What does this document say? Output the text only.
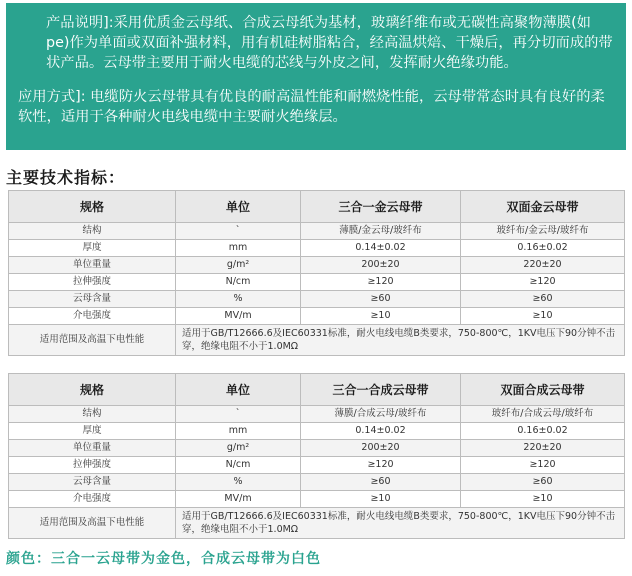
产品说明]:采用优质金云母纸、合成云母纸为基材，玻璃纤维布或无碳性高聚物薄膜(如pe)作为单面或双面补强材料，用有机硅树脂粘合，经高温烘焙、干燥后，再分切而成的带状产品。云母带主要用于耐火电缆的芯线与外皮之间，发挥耐火绝缘功能。

应用方式]: 电缆防火云母带具有优良的耐高温性能和耐燃烧性能，云母带常态时具有良好的柔软性，适用于各种耐火电线电缆中主要耐火绝缘层。

主要技术指标：
规格	单位	三合一金云母带	双面金云母带
结构	`	薄膜/金云母/玻纤布	玻纤布/金云母/玻纤布
厚度	mm	0.14±0.02	0.16±0.02
单位重量	g/m²	200±20	220±20
拉伸强度	N/cm	≥120	≥120
云母含量	%	≥60	≥60
介电强度	MV/m	≥10	≥10
适用范围及高温下电性能	适用于GB/T12666.6及IEC60331标准，耐火电线电缆B类要求，750-800℃，1KV电压下90分钟不击穿，绝缘电阻不小于1.0MΩ		
规格	单位	三合一合成云母带	双面合成云母带
结构	`	薄膜/合成云母/玻纤布	玻纤布/合成云母/玻纤布
厚度	mm	0.14±0.02	0.16±0.02
单位重量	g/m²	200±20	220±20
拉伸强度	N/cm	≥120	≥120
云母含量	%	≥60	≥60
介电强度	MV/m	≥10	≥10
适用范围及高温下电性能	适用于GB/T12666.6及IEC60331标准，耐火电线电缆B类要求，750-800℃，1KV电压下90分钟不击穿，绝缘电阻不小于1.0MΩ		
颜色：三合一云母带为金色，合成云母带为白色
